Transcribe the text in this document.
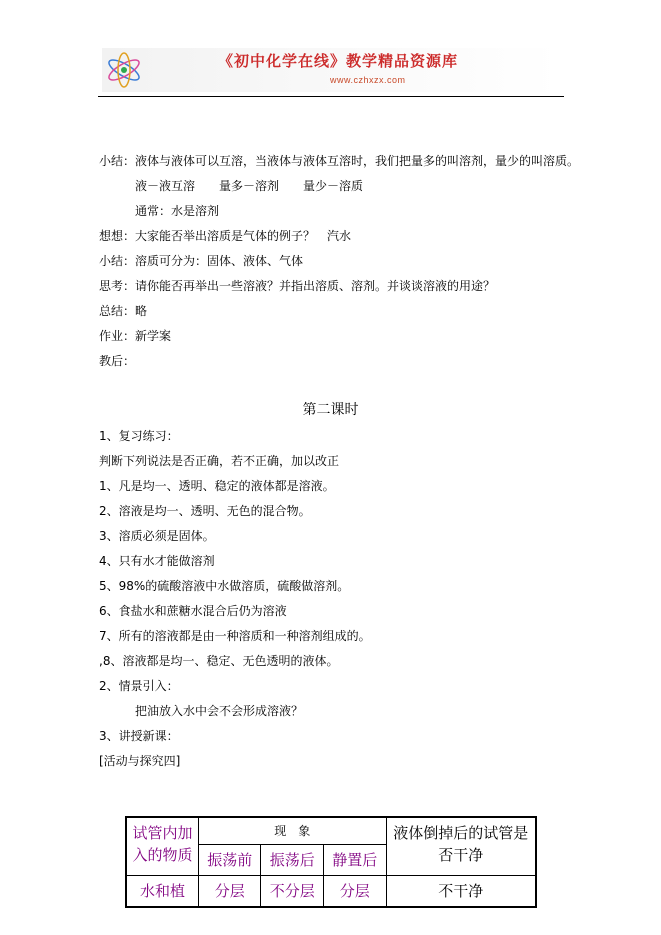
《初中化学在线》教学精品资源库
www.czhxzx.com
小结：液体与液体可以互溶，当液体与液体互溶时，我们把量多的叫溶剂，量少的叫溶质。
液－液互溶　　量多－溶剂　　量少－溶质
通常：水是溶剂
想想：大家能否举出溶质是气体的例子？　汽水
小结：溶质可分为：固体、液体、气体
思考：请你能否再举出一些溶液？并指出溶质、溶剂。并谈谈溶液的用途？
总结：略
作业：新学案
教后：
第二课时
1、复习练习：
判断下列说法是否正确，若不正确，加以改正
1、凡是均一、透明、稳定的液体都是溶液。
2、溶液是均一、透明、无色的混合物。
3、溶质必须是固体。
4、只有水才能做溶剂
5、98%的硫酸溶液中水做溶质，硫酸做溶剂。
6、食盐水和蔗糖水混合后仍为溶液
7、所有的溶液都是由一种溶质和一种溶剂组成的。
,8、溶液都是均一、稳定、无色透明的液体。
2、情景引入：
把油放入水中会不会形成溶液？
3、讲授新课：
[活动与探究四]
试管内加入的物质	现　象			液体倒掉后的试管是否干净
	振荡前	振荡后	静置后	
水和植	分层	不分层	分层	不干净
